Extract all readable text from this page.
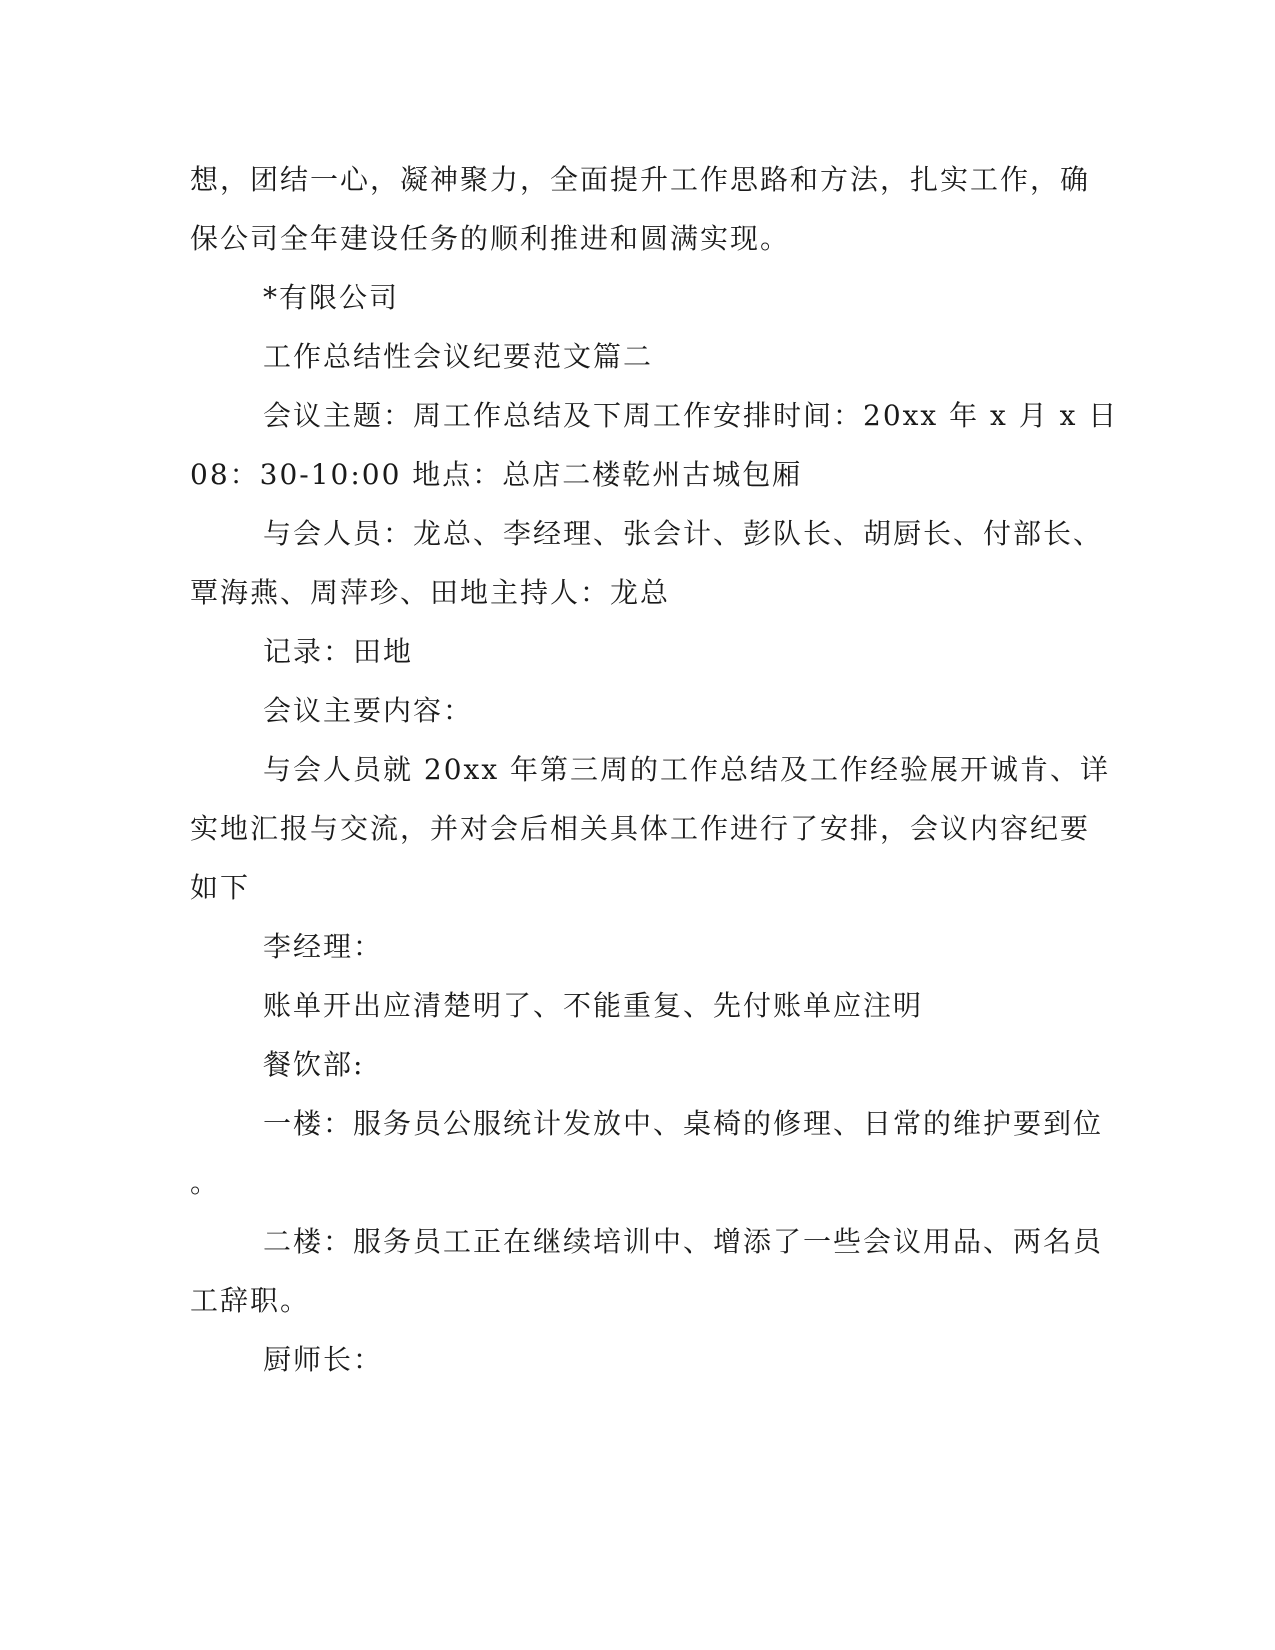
想，团结一心，凝神聚力，全面提升工作思路和方法，扎实工作，确
保公司全年建设任务的顺利推进和圆满实现。
*有限公司
工作总结性会议纪要范文篇二
会议主题：周工作总结及下周工作安排时间：20xx 年 x 月 x 日
08：30-10:00 地点：总店二楼乾州古城包厢
与会人员：龙总、李经理、张会计、彭队长、胡厨长、付部长、
覃海燕、周萍珍、田地主持人：龙总
记录：田地
会议主要内容：
与会人员就 20xx 年第三周的工作总结及工作经验展开诚肯、详
实地汇报与交流，并对会后相关具体工作进行了安排，会议内容纪要
如下
李经理：
账单开出应清楚明了、不能重复、先付账单应注明
餐饮部:
一楼：服务员公服统计发放中、桌椅的修理、日常的维护要到位
。
二楼：服务员工正在继续培训中、增添了一些会议用品、两名员
工辞职。
厨师长：
